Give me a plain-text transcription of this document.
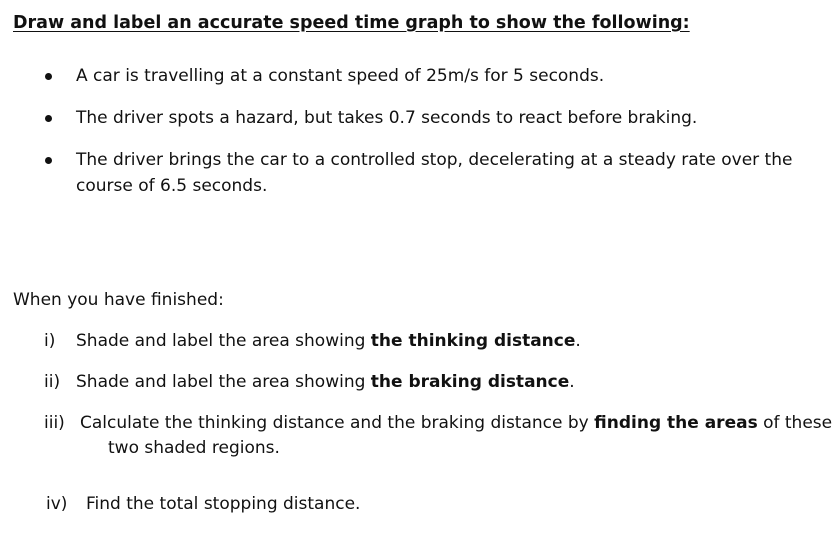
Draw and label an accurate speed time graph to show the following:
A car is travelling at a constant speed of 25m/s for 5 seconds.
The driver spots a hazard, but takes 0.7 seconds to react before braking.
The driver brings the car to a controlled stop, decelerating at a steady rate over the
course of 6.5 seconds.
When you have finished:
i) Shade and label the area showing the thinking distance.
ii) Shade and label the area showing the braking distance.
iii) Calculate the thinking distance and the braking distance by finding the areas of these
two shaded regions.
iv) Find the total stopping distance.
